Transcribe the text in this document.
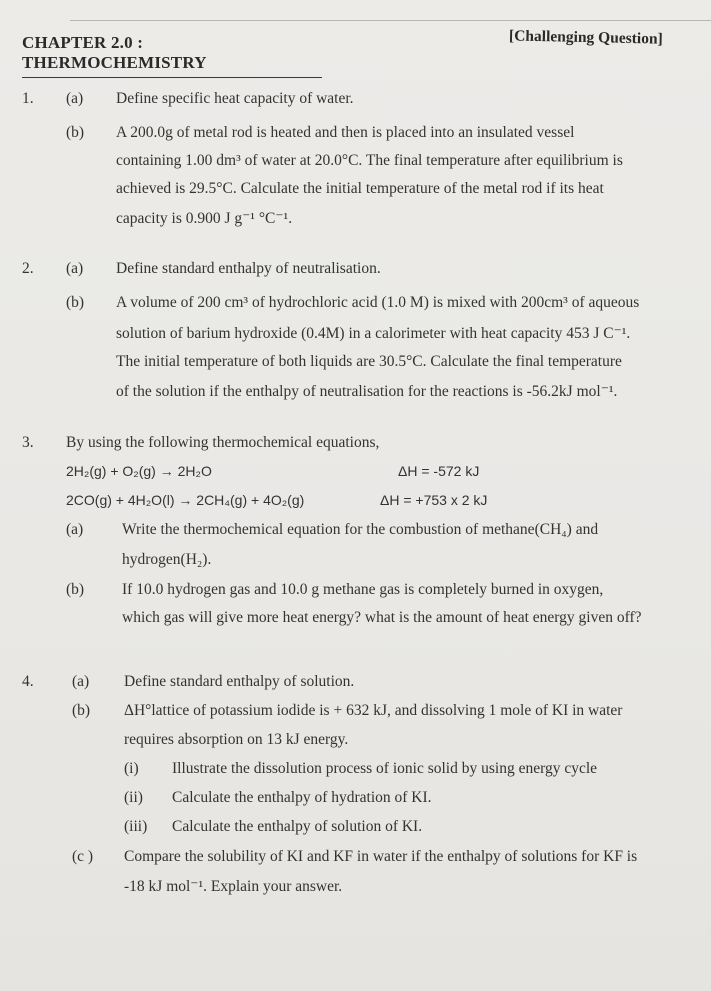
CHAPTER 2.0 : THERMOCHEMISTRY
[Challenging Question]
1. (a) Define specific heat capacity of water.
(b) A 200.0g of metal rod is heated and then is placed into an insulated vessel
containing 1.00 dm³ of water at 20.0°C. The final temperature after equilibrium is
achieved is 29.5°C. Calculate the initial temperature of the metal rod if its heat
capacity is 0.900 J g⁻¹ °C⁻¹.
2. (a) Define standard enthalpy of neutralisation.
(b) A volume of 200 cm³ of hydrochloric acid (1.0 M) is mixed with 200cm³ of aqueous
solution of barium hydroxide (0.4M) in a calorimeter with heat capacity 453 J C⁻¹.
The initial temperature of both liquids are 30.5°C. Calculate the final temperature
of the solution if the enthalpy of neutralisation for the reactions is -56.2kJ mol⁻¹.
3. By using the following thermochemical equations,
2H₂(g) + O₂(g) → 2H₂O	ΔH = -572 kJ
2CO(g) + 4H₂O(l) → 2CH₄(g) + 4O₂(g)	ΔH = +753 x 2 kJ
(a)	Write the thermochemical equation for the combustion of methane(CH₄) and
hydrogen(H₂).
(b) If 10.0 hydrogen gas and 10.0 g methane gas is completely burned in oxygen,
which gas will give more heat energy? what is the amount of heat energy given off?
4. (a) Define standard enthalpy of solution.
(b) ΔH°lattice of potassium iodide is + 632 kJ, and dissolving 1 mole of KI in water
requires absorption on 13 kJ energy.
(i) Illustrate the dissolution process of ionic solid by using energy cycle
(ii) Calculate the enthalpy of hydration of KI.
(iii) Calculate the enthalpy of solution of KI.
(c ) Compare the solubility of KI and KF in water if the enthalpy of solutions for KF is
-18 kJ mol⁻¹. Explain your answer.
